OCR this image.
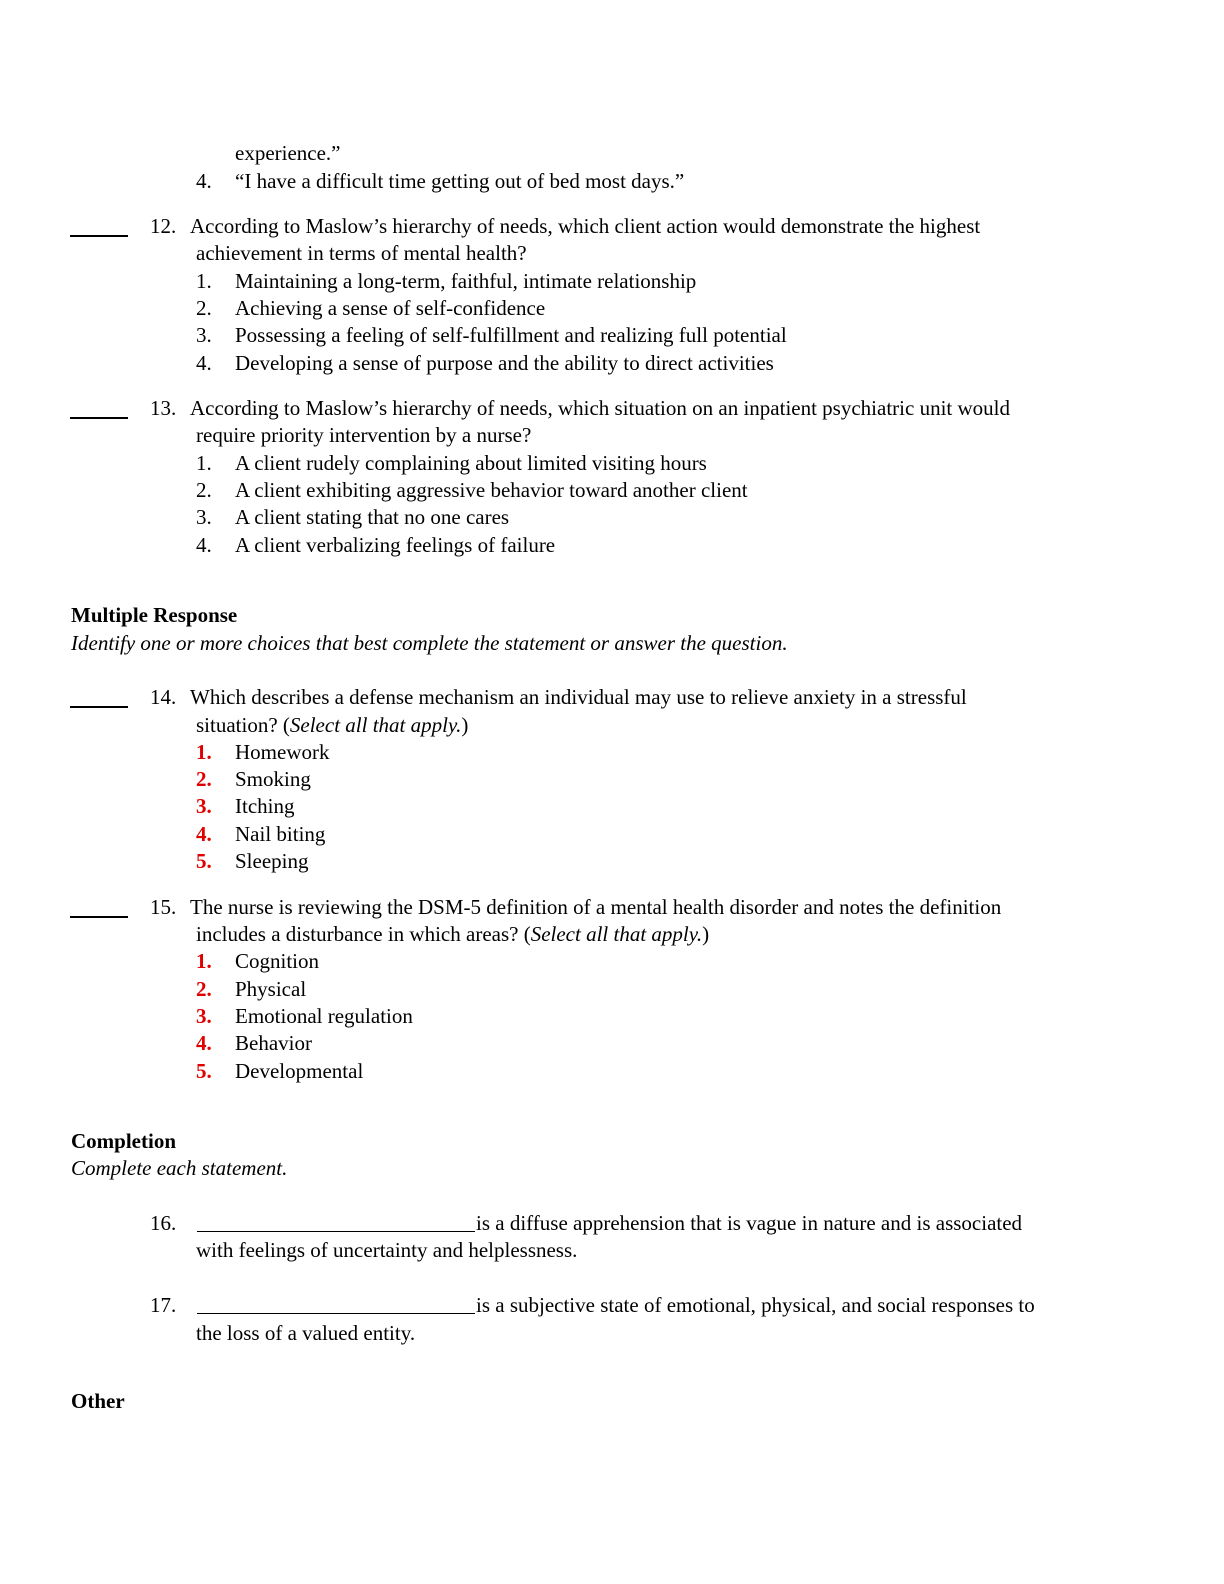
experience.”
4. “I have a difficult time getting out of bed most days.”
12. According to Maslow’s hierarchy of needs, which client action would demonstrate the highest
achievement in terms of mental health?
1. Maintaining a long-term, faithful, intimate relationship
2. Achieving a sense of self-confidence
3. Possessing a feeling of self-fulfillment and realizing full potential
4. Developing a sense of purpose and the ability to direct activities
13. According to Maslow’s hierarchy of needs, which situation on an inpatient psychiatric unit would
require priority intervention by a nurse?
1. A client rudely complaining about limited visiting hours
2. A client exhibiting aggressive behavior toward another client
3. A client stating that no one cares
4. A client verbalizing feelings of failure
Multiple Response
Identify one or more choices that best complete the statement or answer the question.
14. Which describes a defense mechanism an individual may use to relieve anxiety in a stressful
situation? (Select all that apply.)
1. Homework
2. Smoking
3. Itching
4. Nail biting
5. Sleeping
15. The nurse is reviewing the DSM-5 definition of a mental health disorder and notes the definition
includes a disturbance in which areas? (Select all that apply.)
1. Cognition
2. Physical
3. Emotional regulation
4. Behavior
5. Developmental
Completion
Complete each statement.
16.	is a diffuse apprehension that is vague in nature and is associated
with feelings of uncertainty and helplessness.
17.	is a subjective state of emotional, physical, and social responses to
the loss of a valued entity.
Other
